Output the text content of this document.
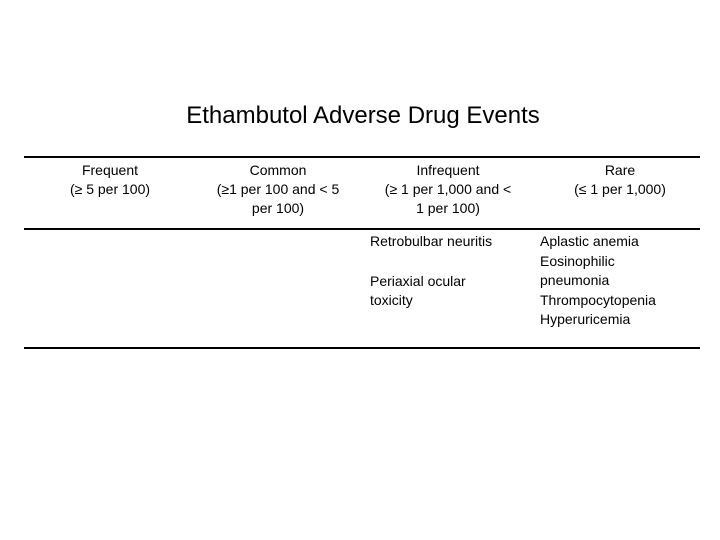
Ethambutol Adverse Drug Events
Frequent
(≥ 5 per 100)
Common
(≥1 per 100 and < 5
per 100)
Infrequent
(≥ 1 per 1,000 and <
1 per 100)
Rare
(≤ 1 per 1,000)
Retrobulbar neuritis
Periaxial ocular
toxicity
Aplastic anemia
Eosinophilic
pneumonia
Thrompocytopenia
Hyperuricemia
